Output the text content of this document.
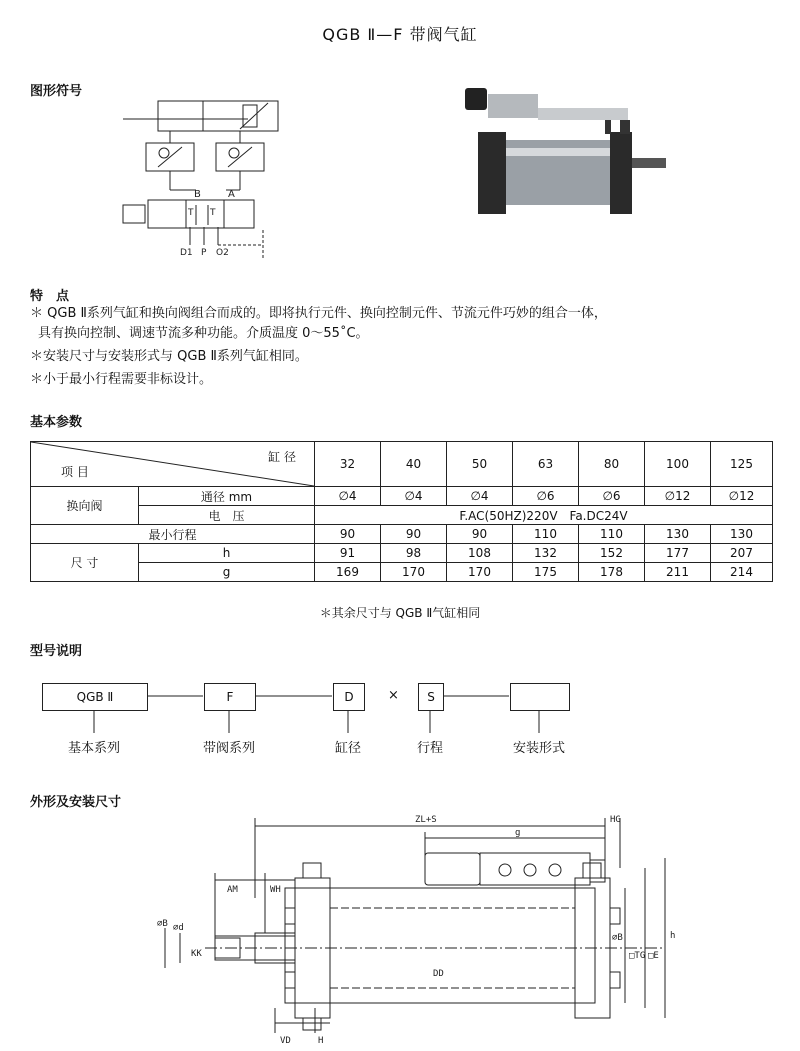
QGB Ⅱ—F 带阀气缸
图形符号
B	A
T T
D1 P O2
特　点
＊ QGB Ⅱ系列气缸和换向阀组合而成的。即将执行元件、换向控制元件、节流元件巧妙的组合一体，
具有换向控制、调速节流多种功能。介质温度 0～55˚C。
＊安装尺寸与安装形式与 QGB Ⅱ系列气缸相同。
＊小于最小行程需要非标设计。
基本参数
缸 径
项 目		32	40	50	63	80	100	125
换向阀	通径 mm	∅4	∅4	∅4	∅6	∅6	∅12	∅12
	电　压	F.AC(50HZ)220V　Fa.DC24V						
最小行程		90	90	90	110	110	130	130
尺 寸	h	91	98	108	132	152	177	207
	g	169	170	170	175	178	211	214
＊其余尺寸与 QGB Ⅱ气缸相同
型号说明
QGB Ⅱ	F	D	×	S
基本系列	带阀系列	缸径	行程	安装形式
外形及安装尺寸
ZL+S
g
HG
AM	WH
VD	H
h
∅B ∅d
KK
DD
∅B
□TG □E
